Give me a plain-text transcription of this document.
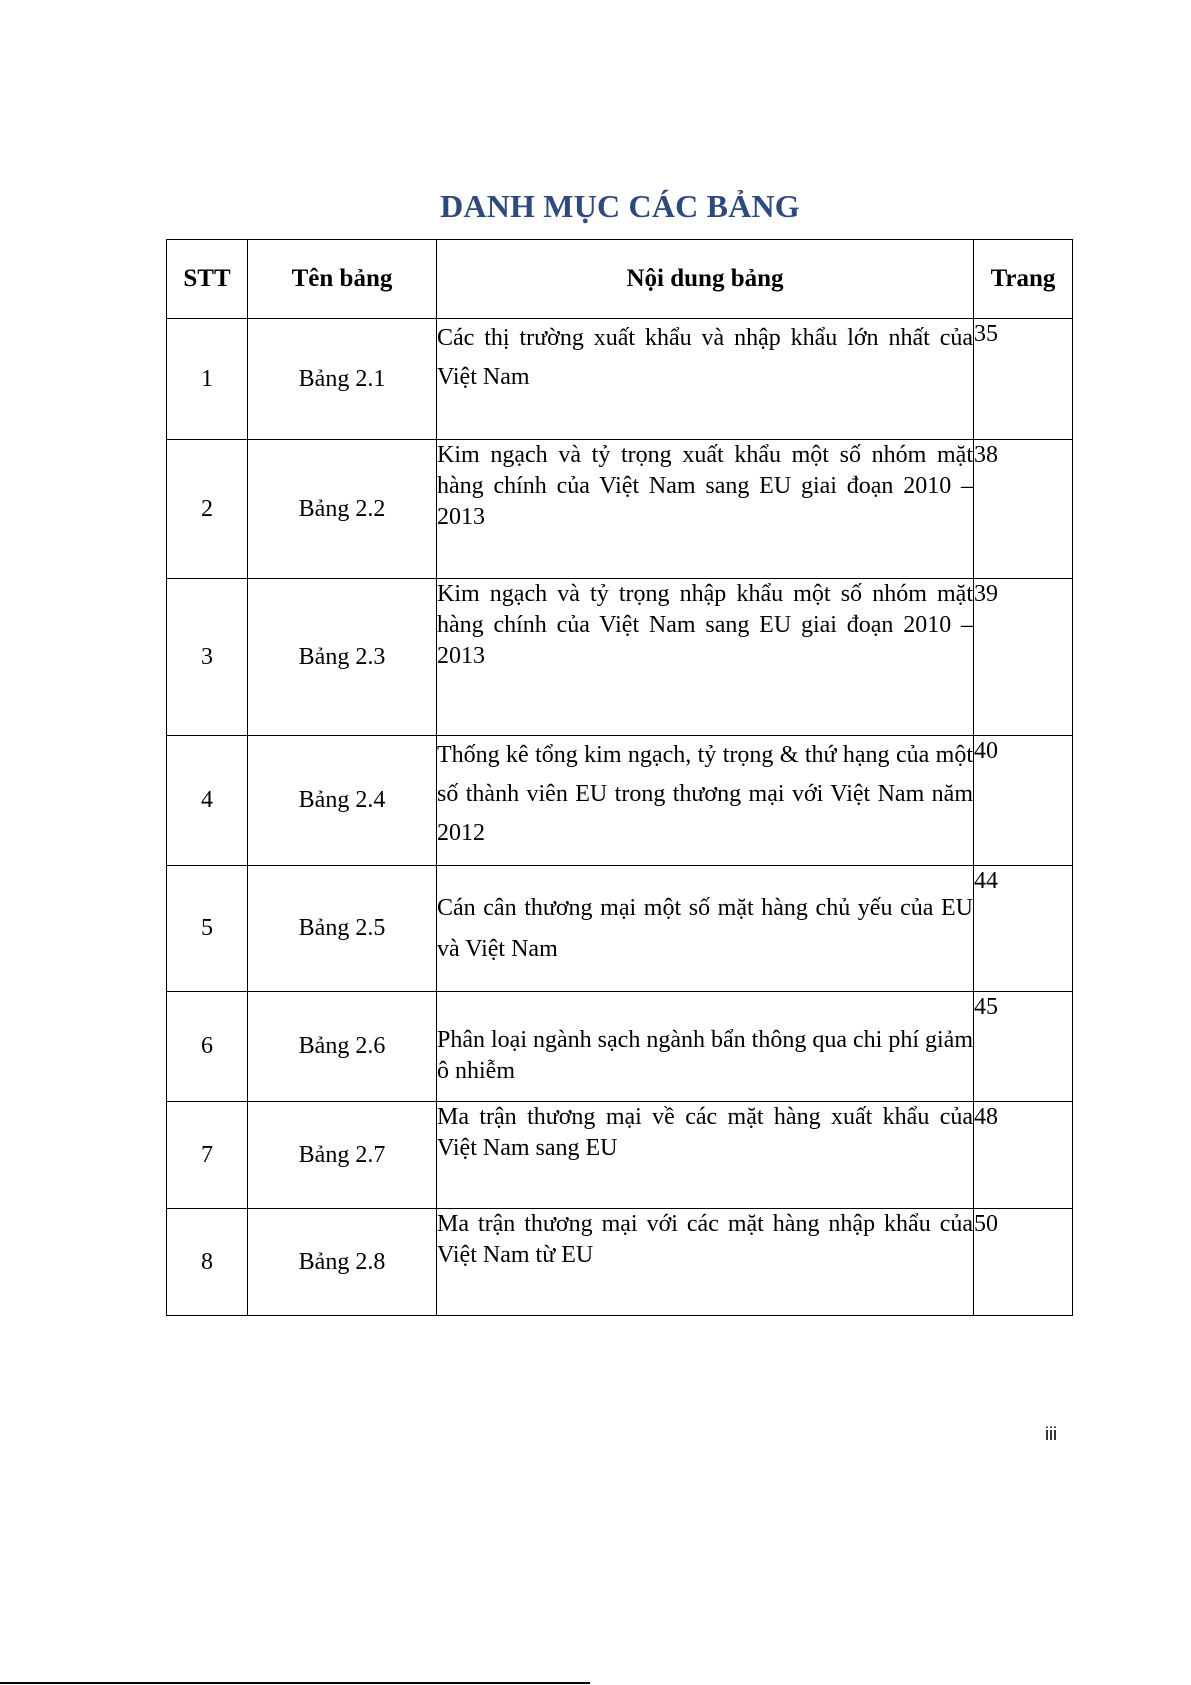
DANH MỤC CÁC BẢNG
STT	Tên bảng	Nội dung bảng	Trang
1	Bảng 2.1	Các thị trường xuất khẩu và nhập khẩu lớn nhất của Việt Nam	35

2	Bảng 2.2	Kim ngạch và tỷ trọng xuất khẩu một số nhóm mặt hàng chính của Việt Nam sang EU giai đoạn 2010 – 2013	38

3	Bảng 2.3	Kim ngạch và tỷ trọng nhập khẩu một số nhóm mặt hàng chính của Việt Nam sang EU giai đoạn 2010 – 2013	39

4	Bảng 2.4	Thống kê tổng kim ngạch, tỷ trọng & thứ hạng của một số thành viên EU trong thương mại với Việt Nam năm 2012	40

5	Bảng 2.5	Cán cân thương mại một số mặt hàng chủ yếu của EU và Việt Nam	44

6	Bảng 2.6	Phân loại ngành sạch ngành bẩn thông qua chi phí giảm ô nhiễm	45

7	Bảng 2.7	Ma trận thương mại về các mặt hàng xuất khẩu của Việt Nam sang EU	48

8	Bảng 2.8	Ma trận thương mại với các mặt hàng nhập khẩu của Việt Nam từ EU	50
iii
